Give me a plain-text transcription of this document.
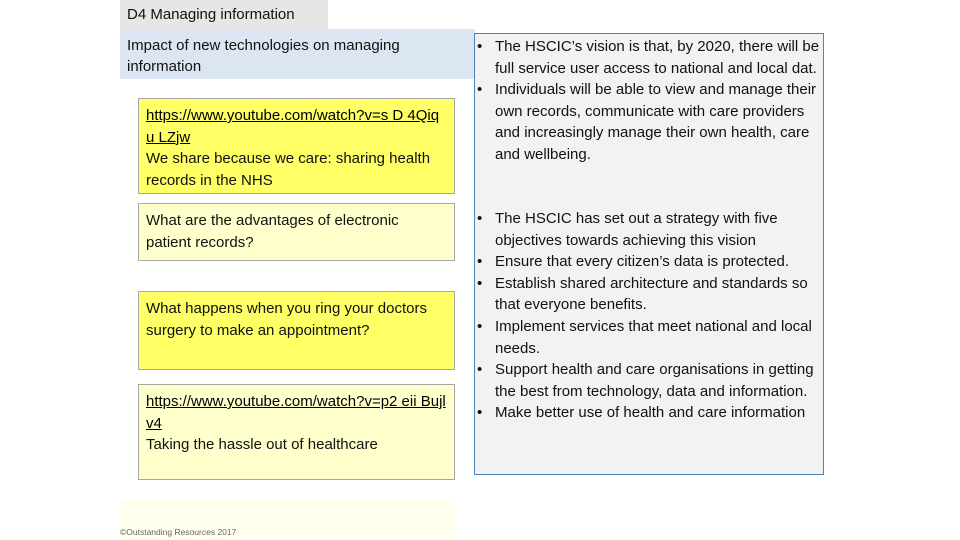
D4 Managing information
Impact of new technologies on managing information
https://www.youtube.com/watch?v=s D 4Qiqu LZjw
We share because we care: sharing health records in the NHS
What are the advantages of electronic patient records?
What happens when you ring your doctors surgery to make an appointment?
https://www.youtube.com/watch?v=p2 eii Bujlv4
Taking the hassle out of healthcare
©Outstanding Resources 2017
• The HSCIC’s vision is that, by 2020, there will be full service user access to national and local dat.
• Individuals will be able to view and manage their own records, communicate with care providers and increasingly manage their own health, care and wellbeing.
• The HSCIC has set out a strategy with five objectives towards achieving this vision
• Ensure that every citizen’s data is protected.
• Establish shared architecture and standards so that everyone benefits.
• Implement services that meet national and local needs.
• Support health and care organisations in getting the best from technology, data and information.
• Make better use of health and care information
